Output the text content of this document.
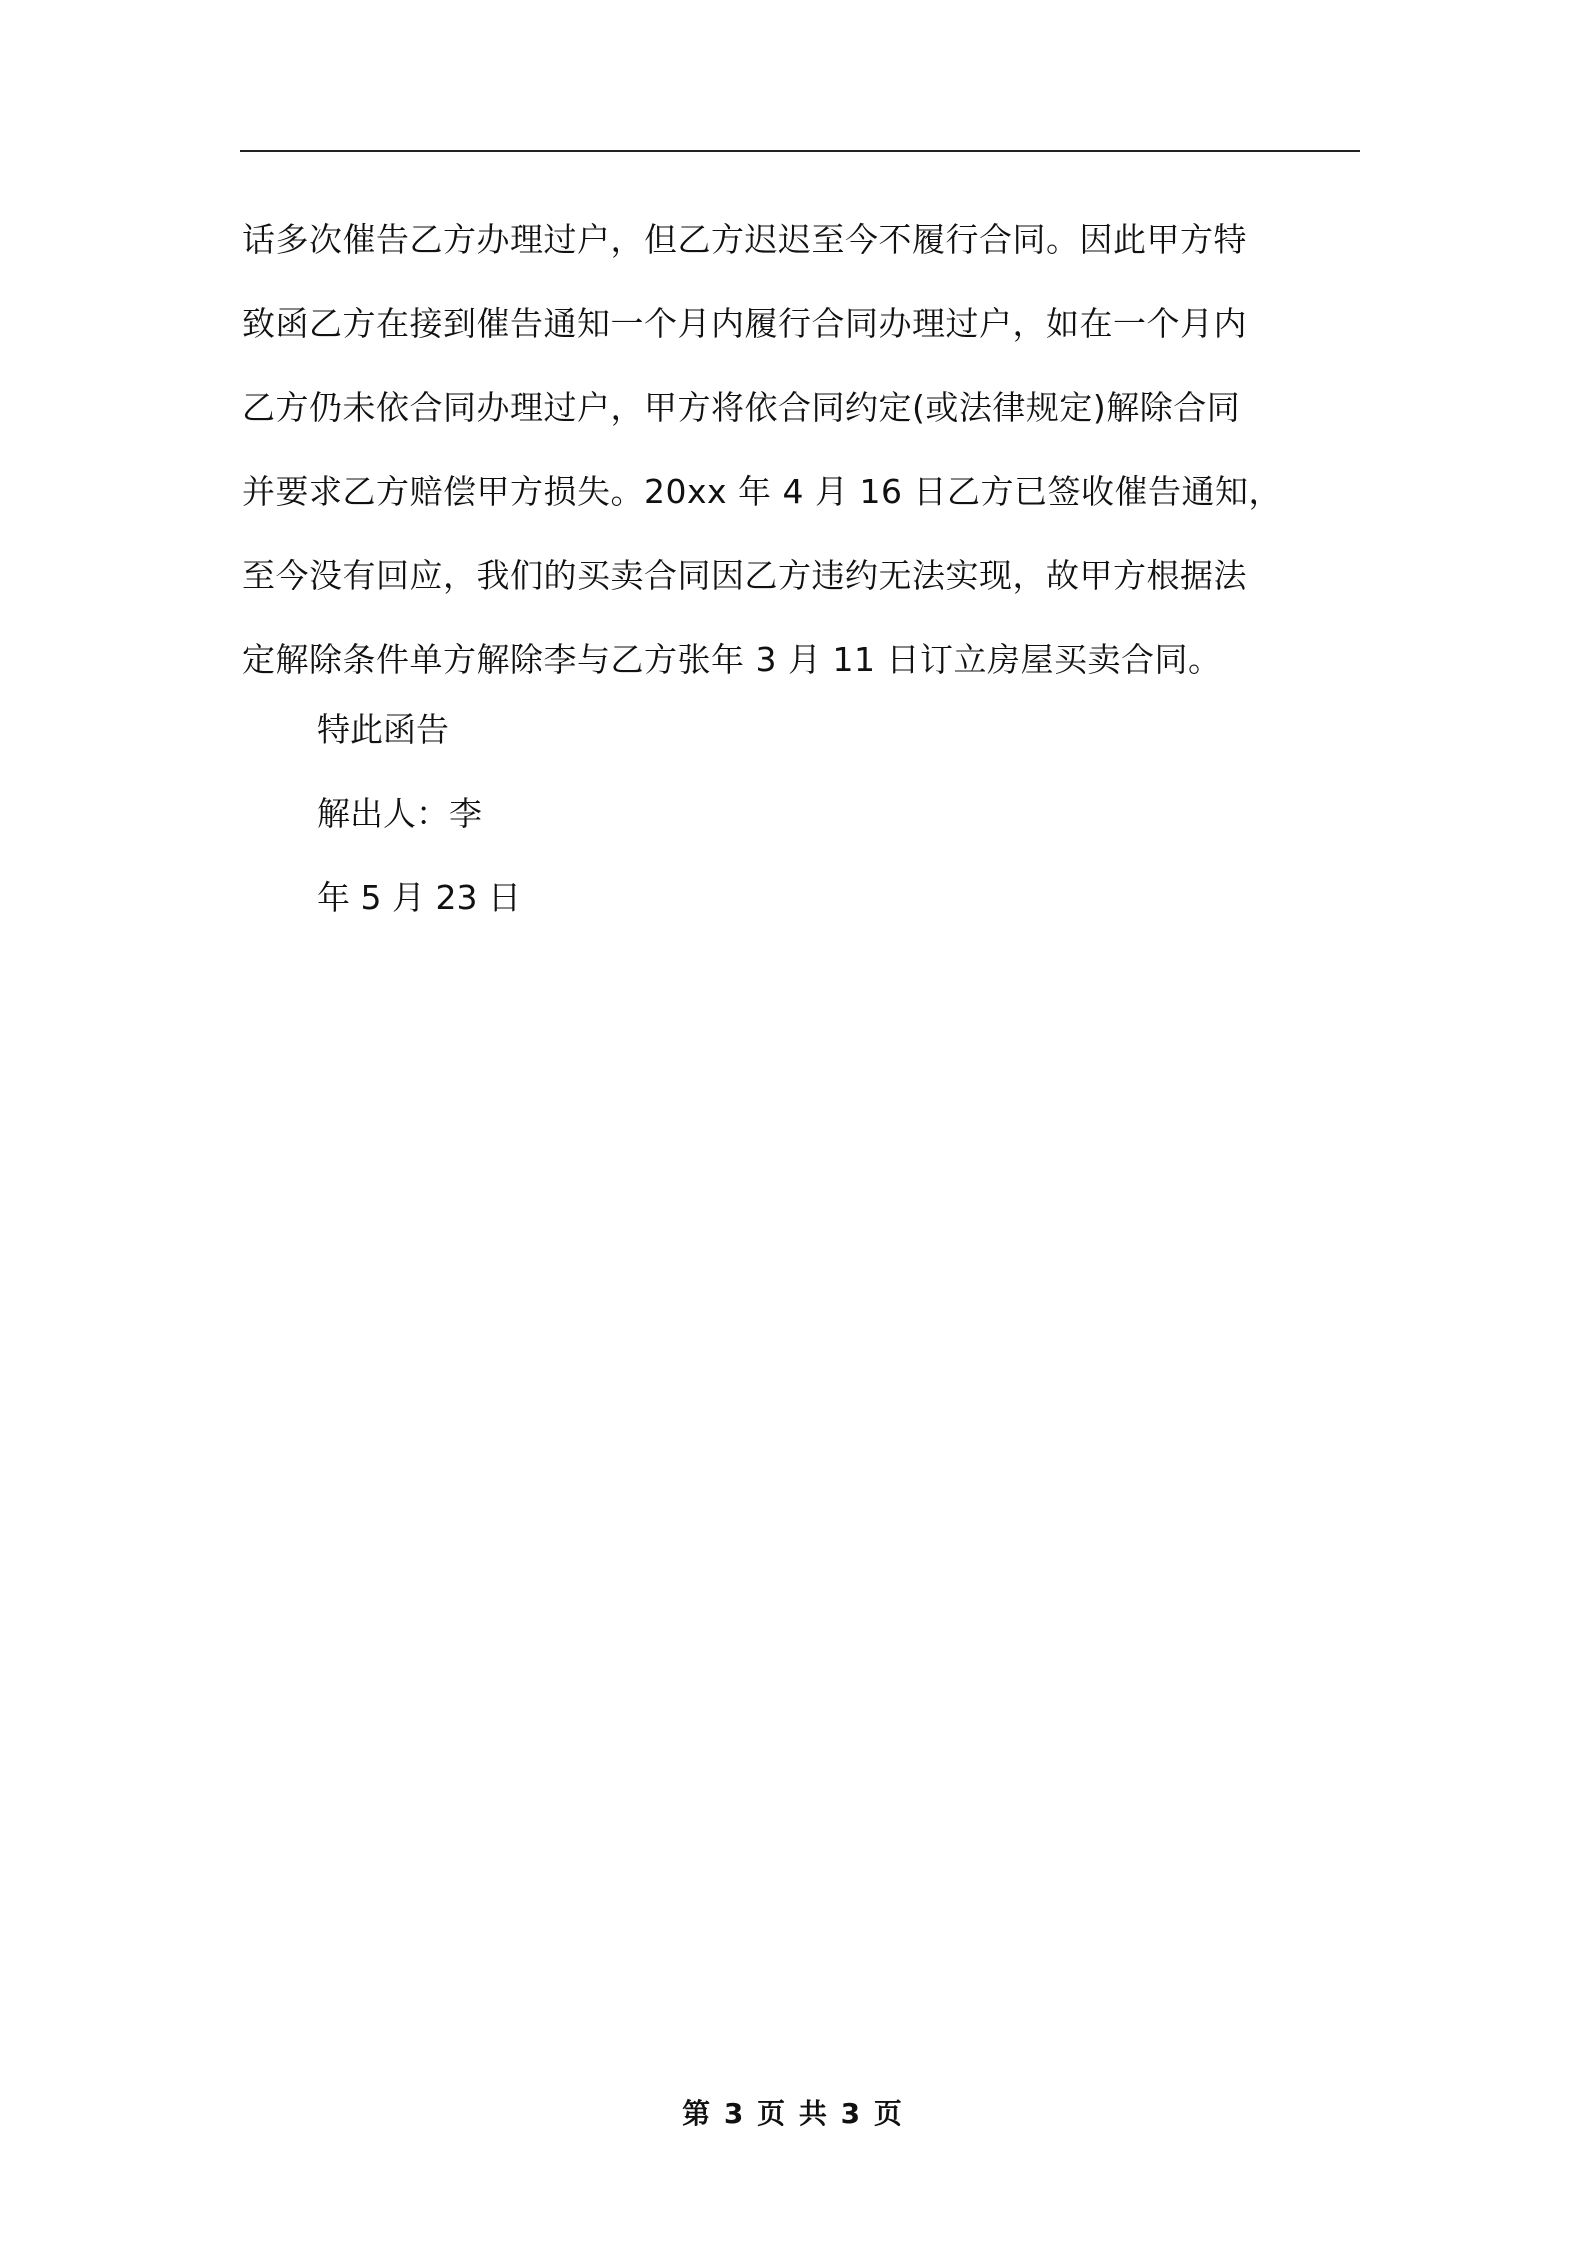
话多次催告乙方办理过户，但乙方迟迟至今不履行合同。因此甲方特
致函乙方在接到催告通知一个月内履行合同办理过户，如在一个月内
乙方仍未依合同办理过户，甲方将依合同约定(或法律规定)解除合同
并要求乙方赔偿甲方损失。20xx 年 4 月 16 日乙方已签收催告通知，
至今没有回应，我们的买卖合同因乙方违约无法实现，故甲方根据法
定解除条件单方解除李与乙方张年 3 月 11 日订立房屋买卖合同。
特此函告
解出人：李
年 5 月 23 日
第 3 页 共 3 页
